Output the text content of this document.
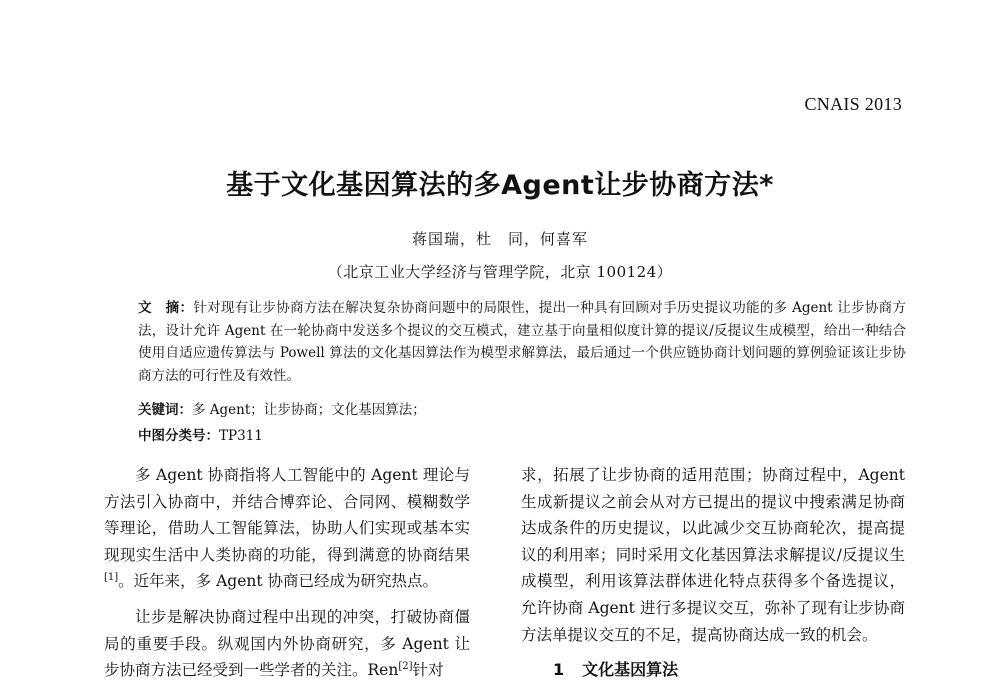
CNAIS 2013
基于文化基因算法的多Agent让步协商方法*
蒋国瑞，杜　同，何喜军
（北京工业大学经济与管理学院，北京 100124）
文　摘：针对现有让步协商方法在解决复杂协商问题中的局限性，提出一种具有回顾对手历史提议功能的多 Agent 让步协商方法，设计允许 Agent 在一轮协商中发送多个提议的交互模式，建立基于向量相似度计算的提议/反提议生成模型，给出一种结合使用自适应遗传算法与 Powell 算法的文化基因算法作为模型求解算法，最后通过一个供应链协商计划问题的算例验证该让步协商方法的可行性及有效性。
关键词：多 Agent；让步协商；文化基因算法；
中图分类号：TP311

多 Agent 协商指将人工智能中的 Agent 理论与方法引入协商中，并结合博弈论、合同网、模糊数学等理论，借助人工智能算法，协助人们实现或基本实现现实生活中人类协商的功能，得到满意的协商结果[1]。近年来，多 Agent 协商已经成为研究热点。

让步是解决协商过程中出现的冲突，打破协商僵局的重要手段。纵观国内外协商研究，多 Agent 让步协商方法已经受到一些学者的关注。Ren[2]针对

求，拓展了让步协商的适用范围；协商过程中，Agent 生成新提议之前会从对方已提出的提议中搜索满足协商达成条件的历史提议，以此减少交互协商轮次，提高提议的利用率；同时采用文化基因算法求解提议/反提议生成模型，利用该算法群体进化特点获得多个备选提议，允许协商 Agent 进行多提议交互，弥补了现有让步协商方法单提议交互的不足，提高协商达成一致的机会。

1 文化基因算法
